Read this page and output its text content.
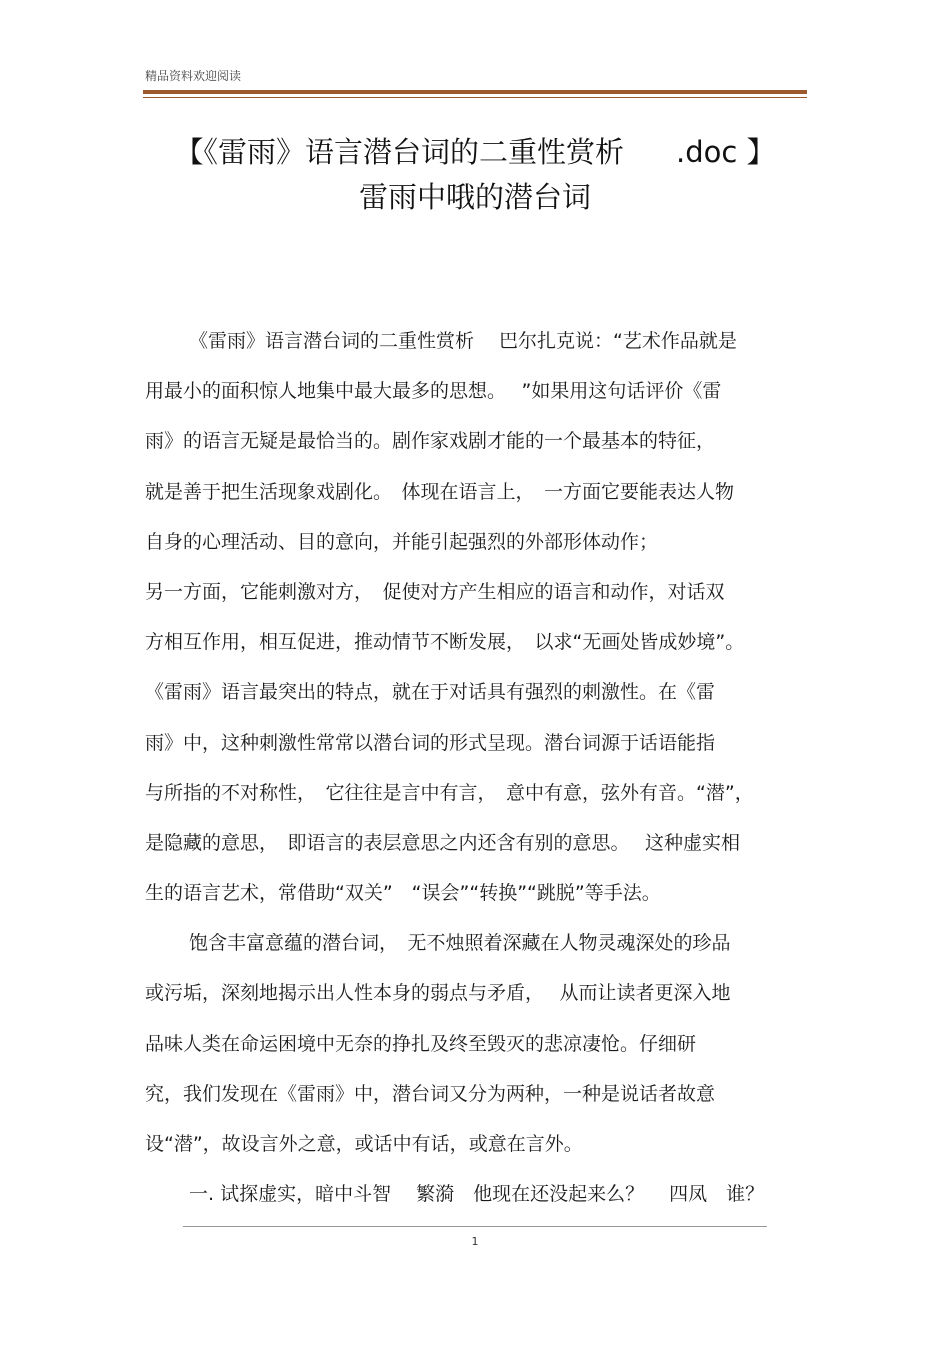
精品资料欢迎阅读
【《雷雨》语言潜台词的二重性赏析 .doc 】
雷雨中哦的潜台词
《雷雨》语言潜台词的二重性赏析　 巴尔扎克说：“艺术作品就是
用最小的面积惊人地集中最大最多的思想。　 ”如果用这句话评价《雷
雨》的语言无疑是最恰当的。剧作家戏剧才能的一个最基本的特征，
就是善于把生活现象戏剧化。　体现在语言上，　一方面它要能表达人物
自身的心理活动、目的意向，并能引起强烈的外部形体动作；
另一方面，它能刺激对方，　促使对方产生相应的语言和动作，对话双
方相互作用，相互促进，推动情节不断发展，　以求“无画处皆成妙境”。
《雷雨》语言最突出的特点，就在于对话具有强烈的刺激性。在《雷
雨》中，这种刺激性常常以潜台词的形式呈现。潜台词源于话语能指
与所指的不对称性，　它往往是言中有言，　意中有意，弦外有音。“潜”，
是隐藏的意思，　即语言的表层意思之内还含有别的意思。　 这种虚实相
生的语言艺术，常借助“双关”　“误会”“转换”“跳脱”等手法。
饱含丰富意蕴的潜台词，　无不烛照着深藏在人物灵魂深处的珍品
或污垢，深刻地揭示出人性本身的弱点与矛盾，　 从而让读者更深入地
品味人类在命运困境中无奈的挣扎及终至毁灭的悲凉凄怆。仔细研
究，我们发现在《雷雨》中，潜台词又分为两种，一种是说话者故意
设“潜”，故设言外之意，或话中有话，或意在言外。
一. 试探虚实，暗中斗智　 繁漪　他现在还没起来么？　 四凤　谁？
1
